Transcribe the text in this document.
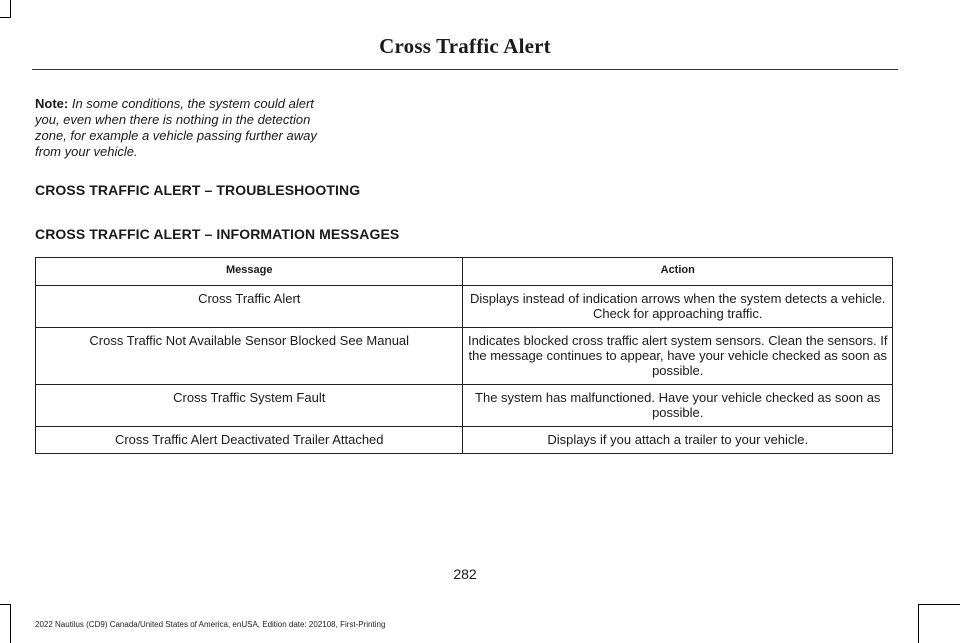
Cross Traffic Alert
Note: In some conditions, the system could alert you, even when there is nothing in the detection zone, for example a vehicle passing further away from your vehicle.
CROSS TRAFFIC ALERT – TROUBLESHOOTING
CROSS TRAFFIC ALERT – INFORMATION MESSAGES
Message	Action
Cross Traffic Alert	Displays instead of indication arrows when the system detects a vehicle. Check for approaching traffic.
Cross Traffic Not Available Sensor Blocked See Manual	Indicates blocked cross traffic alert system sensors. Clean the sensors. If the message continues to appear, have your vehicle checked as soon as possible.
Cross Traffic System Fault	The system has malfunctioned. Have your vehicle checked as soon as possible.
Cross Traffic Alert Deactivated Trailer Attached	Displays if you attach a trailer to your vehicle.
282
2022 Nautilus (CD9) Canada/United States of America, enUSA, Edition date: 202108, First-Printing
